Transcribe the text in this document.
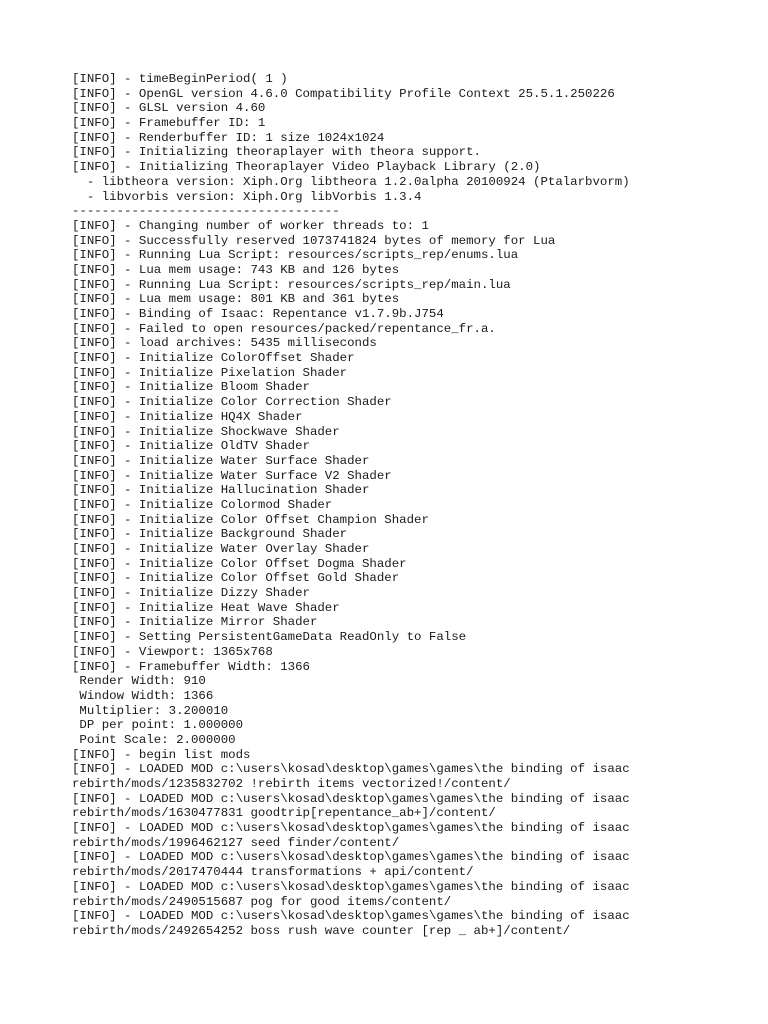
[INFO] - timeBeginPeriod( 1 )
[INFO] - OpenGL version 4.6.0 Compatibility Profile Context 25.5.1.250226
[INFO] - GLSL version 4.60
[INFO] - Framebuffer ID: 1
[INFO] - Renderbuffer ID: 1 size 1024x1024
[INFO] - Initializing theoraplayer with theora support.
[INFO] - Initializing Theoraplayer Video Playback Library (2.0)
- libtheora version: Xiph.Org libtheora 1.2.0alpha 20100924 (Ptalarbvorm)
- libvorbis version: Xiph.Org libVorbis 1.3.4
------------------------------------
[INFO] - Changing number of worker threads to: 1
[INFO] - Successfully reserved 1073741824 bytes of memory for Lua
[INFO] - Running Lua Script: resources/scripts_rep/enums.lua
[INFO] - Lua mem usage: 743 KB and 126 bytes
[INFO] - Running Lua Script: resources/scripts_rep/main.lua
[INFO] - Lua mem usage: 801 KB and 361 bytes
[INFO] - Binding of Isaac: Repentance v1.7.9b.J754
[INFO] - Failed to open resources/packed/repentance_fr.a.
[INFO] - load archives: 5435 milliseconds
[INFO] - Initialize ColorOffset Shader
[INFO] - Initialize Pixelation Shader
[INFO] - Initialize Bloom Shader
[INFO] - Initialize Color Correction Shader
[INFO] - Initialize HQ4X Shader
[INFO] - Initialize Shockwave Shader
[INFO] - Initialize OldTV Shader
[INFO] - Initialize Water Surface Shader
[INFO] - Initialize Water Surface V2 Shader
[INFO] - Initialize Hallucination Shader
[INFO] - Initialize Colormod Shader
[INFO] - Initialize Color Offset Champion Shader
[INFO] - Initialize Background Shader
[INFO] - Initialize Water Overlay Shader
[INFO] - Initialize Color Offset Dogma Shader
[INFO] - Initialize Color Offset Gold Shader
[INFO] - Initialize Dizzy Shader
[INFO] - Initialize Heat Wave Shader
[INFO] - Initialize Mirror Shader
[INFO] - Setting PersistentGameData ReadOnly to False
[INFO] - Viewport: 1365x768
[INFO] - Framebuffer Width: 1366
Render Width: 910
Window Width: 1366
Multiplier: 3.200010
DP per point: 1.000000
Point Scale: 2.000000
[INFO] - begin list mods
[INFO] - LOADED MOD c:\users\kosad\desktop\games\games\the binding of isaac
rebirth/mods/1235832702 !rebirth items vectorized!/content/
[INFO] - LOADED MOD c:\users\kosad\desktop\games\games\the binding of isaac
rebirth/mods/1630477831 goodtrip[repentance_ab+]/content/
[INFO] - LOADED MOD c:\users\kosad\desktop\games\games\the binding of isaac
rebirth/mods/1996462127 seed finder/content/
[INFO] - LOADED MOD c:\users\kosad\desktop\games\games\the binding of isaac
rebirth/mods/2017470444 transformations + api/content/
[INFO] - LOADED MOD c:\users\kosad\desktop\games\games\the binding of isaac
rebirth/mods/2490515687 pog for good items/content/
[INFO] - LOADED MOD c:\users\kosad\desktop\games\games\the binding of isaac
rebirth/mods/2492654252 boss rush wave counter [rep _ ab+]/content/
